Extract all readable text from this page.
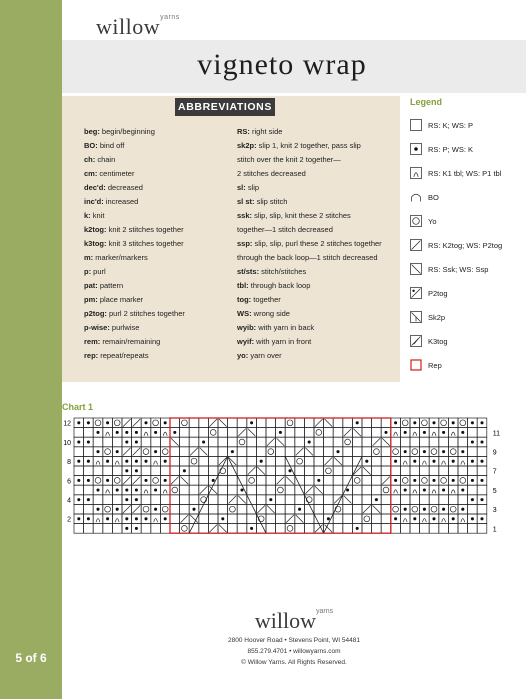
5 of 6
willow$^{yarns}$
vigneto wrap
ABBREVIATIONS
beg: begin/beginning
BO: bind off
ch: chain
cm: centimeter
dec'd: decreased
inc'd: increased
k: knit
k2tog: knit 2 stitches together
k3tog: knit 3 stitches together
m: marker/markers
p: purl
pat: pattern
pm: place marker
p2tog: purl 2 stitches together
p-wise: purlwise
rem: remain/remaining
rep: repeat/repeats
RS: right side
sk2p: slip 1, knit 2 together, pass slip
stitch over the knit 2 together—
2 stitches decreased
sl: slip
sl st: slip stitch
ssk: slip, slip, knit these 2 stitches
together—1 stitch decreased
ssp: slip, slip, purl these 2 stitches together
through the back loop—1 stitch decreased
st/sts: stitch/stitches
tbl: through back loop
tog: together
WS: wrong side
wyib: with yarn in back
wyif: with yarn in front
yo: yarn over
Legend
RS: K; WS: P
RS: P; WS: K
RS: K1 tbl; WS: P1 tbl
BO
Yo
RS: K2tog; WS: P2tog
RS: Ssk; WS: Ssp
P2tog
Sk2p
K3tog
Rep
Chart 1
12
10
8
6
4
2
11
9
7
5
3
1
willow$^{yarns}$
2800 Hoover Road • Stevens Point, WI 54481
855.279.4701 • willowyarns.com
© Willow Yarns. All Rights Reserved.
